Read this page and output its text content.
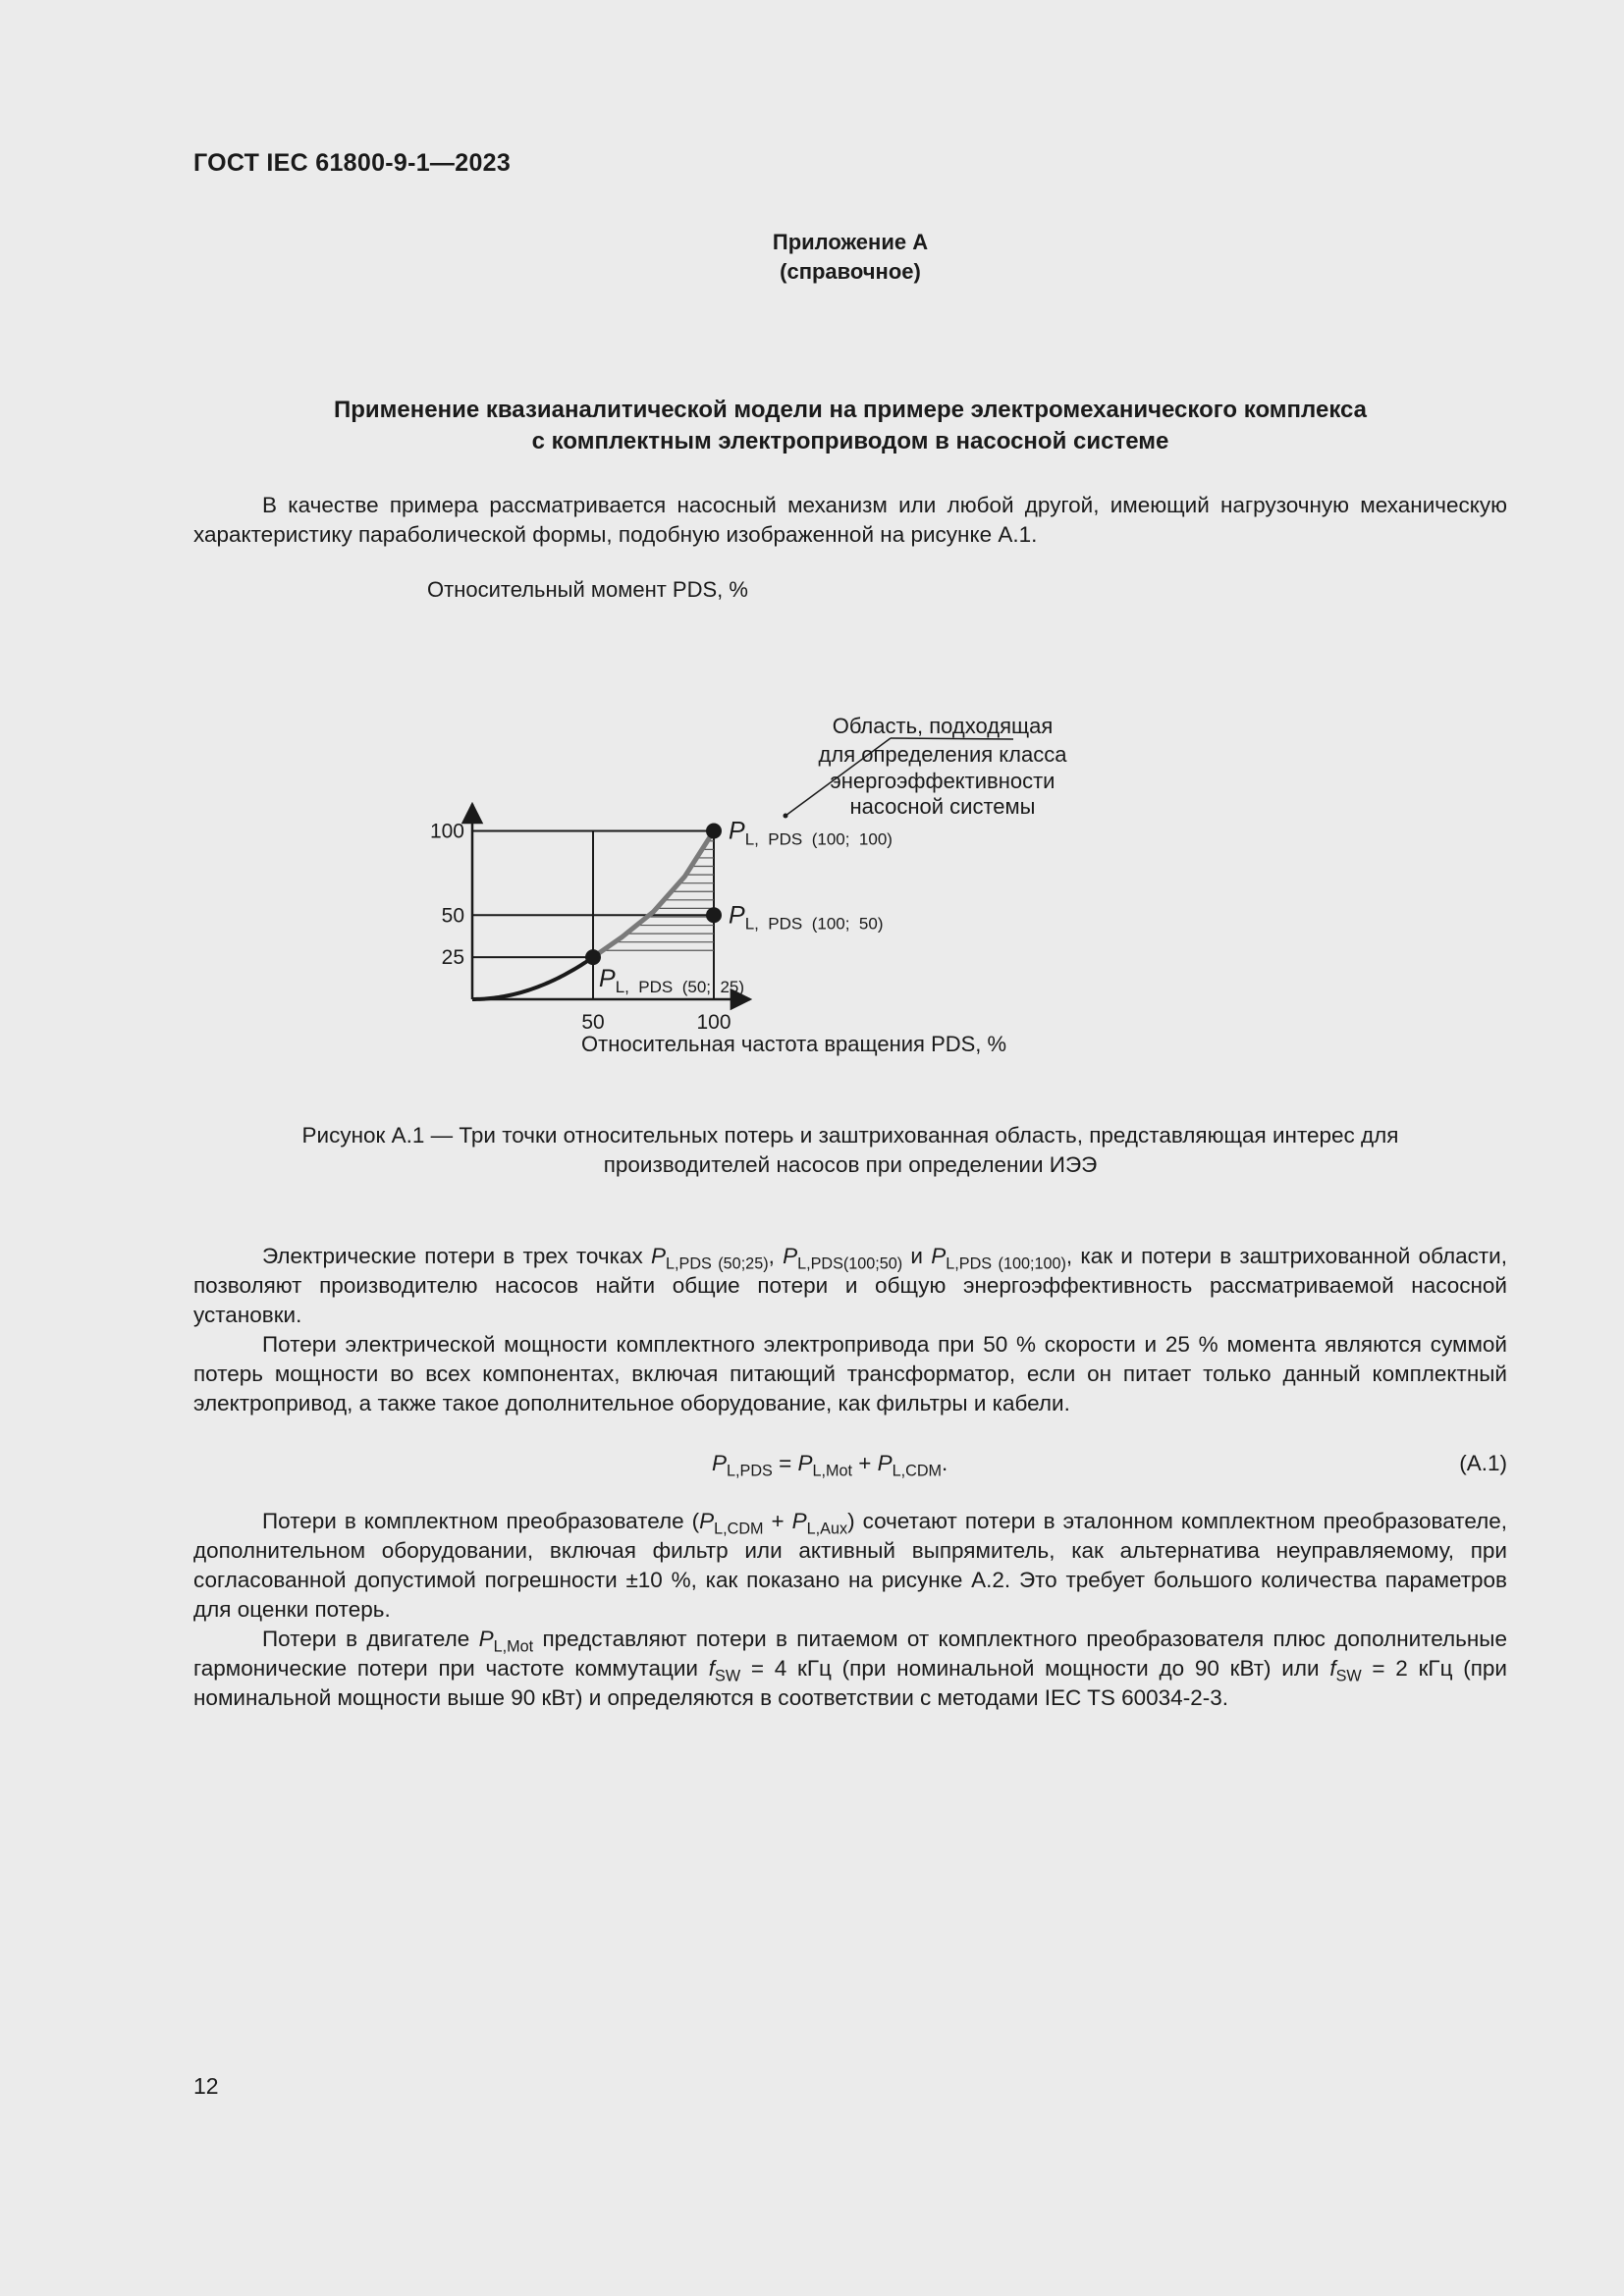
ГОСТ IEC 61800-9-1—2023
Приложение А
(справочное)
Применение квазианалитической модели на примере электромеханического комплекса
с комплектным электроприводом в насосной системе
В качестве примера рассматривается насосный механизм или любой другой, имеющий нагрузочную механическую характеристику параболической формы, подобную изображенной на рисунке А.1.
Относительный момент PDS, %
Относительная частота вращения PDS, %
50	100
25
50
100	$P_{L, PDS (100; 100)}$
$P_{L, PDS (100; 50)}$
$P_{L, PDS (50; 25)}$
Область, подходящая
для определения класса
энергоэффективности
насосной системы
Рисунок А.1 — Три точки относительных потерь и заштрихованная область, представляющая интерес для
производителей насосов при определении ИЭЭ
Электрические потери в трех точках $P_{L,PDS (50;25)}$, $P_{L,PDS(100;50)}$ и $P_{L,PDS (100;100)}$, как и потери в заштрихованной области, позволяют производителю насосов найти общие потери и общую энергоэффективность рассматриваемой насосной установки.
Потери электрической мощности комплектного электропривода при 50 % скорости и 25 % момента являются суммой потерь мощности во всех компонентах, включая питающий трансформатор, если он питает только данный комплектный электропривод, а также такое дополнительное оборудование, как фильтры и кабели.
$P_{L,PDS} = P_{L,Mot} + P_{L,CDM}$.	(A.1)
Потери в комплектном преобразователе $(P_{L,CDM} + P_{L,Aux})$ сочетают потери в эталонном комплектном преобразователе, дополнительном оборудовании, включая фильтр или активный выпрямитель, как альтернатива неуправляемому, при согласованной допустимой погрешности ±10 %, как показано на рисунке А.2. Это требует большого количества параметров для оценки потерь.
Потери в двигателе $P_{L,Mot}$ представляют потери в питаемом от комплектного преобразователя плюс дополнительные гармонические потери при частоте коммутации $f_{SW} = 4$ кГц (при номинальной мощности до 90 кВт) или $f_{SW} = 2$ кГц (при номинальной мощности выше 90 кВт) и определяются в соответствии с методами IEC TS 60034-2-3.
12
